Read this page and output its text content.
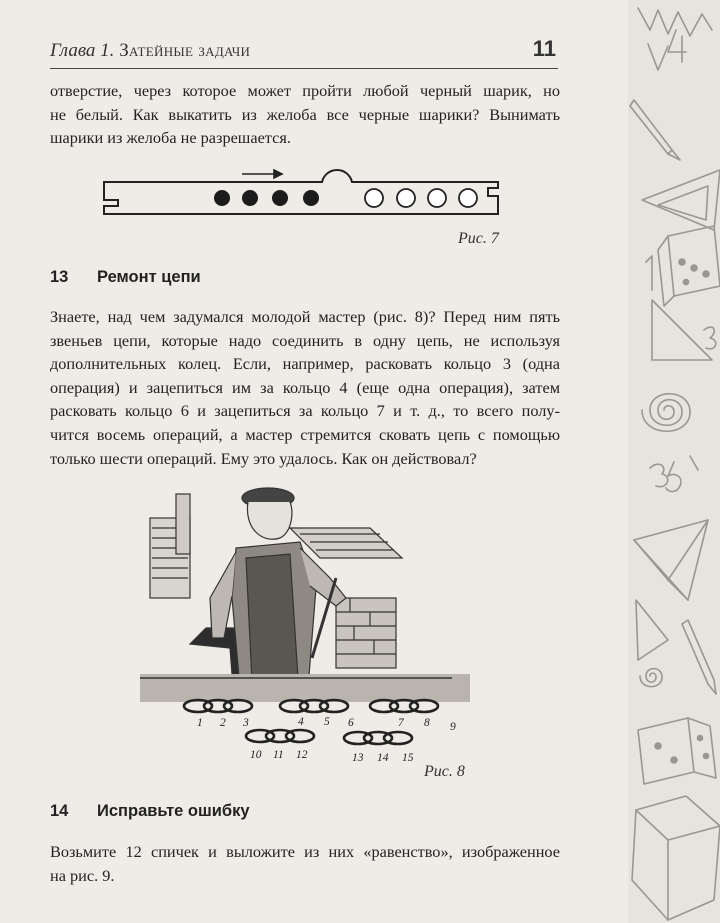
Глава 1. Затейные задачи	11
отверстие, через которое может пройти любой черный шарик, но
не белый. Как выкатить из желоба все черные шарики? Вынимать
шарики из желоба не разрешается.
Рис. 7
13 Ремонт цепи
Знаете, над чем задумался молодой мастер (рис. 8)? Перед ним пять
звеньев цепи, которые надо соединить в одну цепь, не используя
дополнительных колец. Если, например, расковать кольцо 3 (одна
операция) и зацепиться им за кольцо 4 (еще одна операция), затем
расковать кольцо 6 и зацепиться за кольцо 7 и т. д., то всего полу-
чится восемь операций, а мастер стремится сковать цепь с помощью
только шести операций. Ему это удалось. Как он действовал?
1 2 3	4 5 6	7 8 9
10 11 12	13 14 15
Рис. 8
14 Исправьте ошибку
Возьмите 12 спичек и выложите из них «равенство», изображенное
на рис. 9.
